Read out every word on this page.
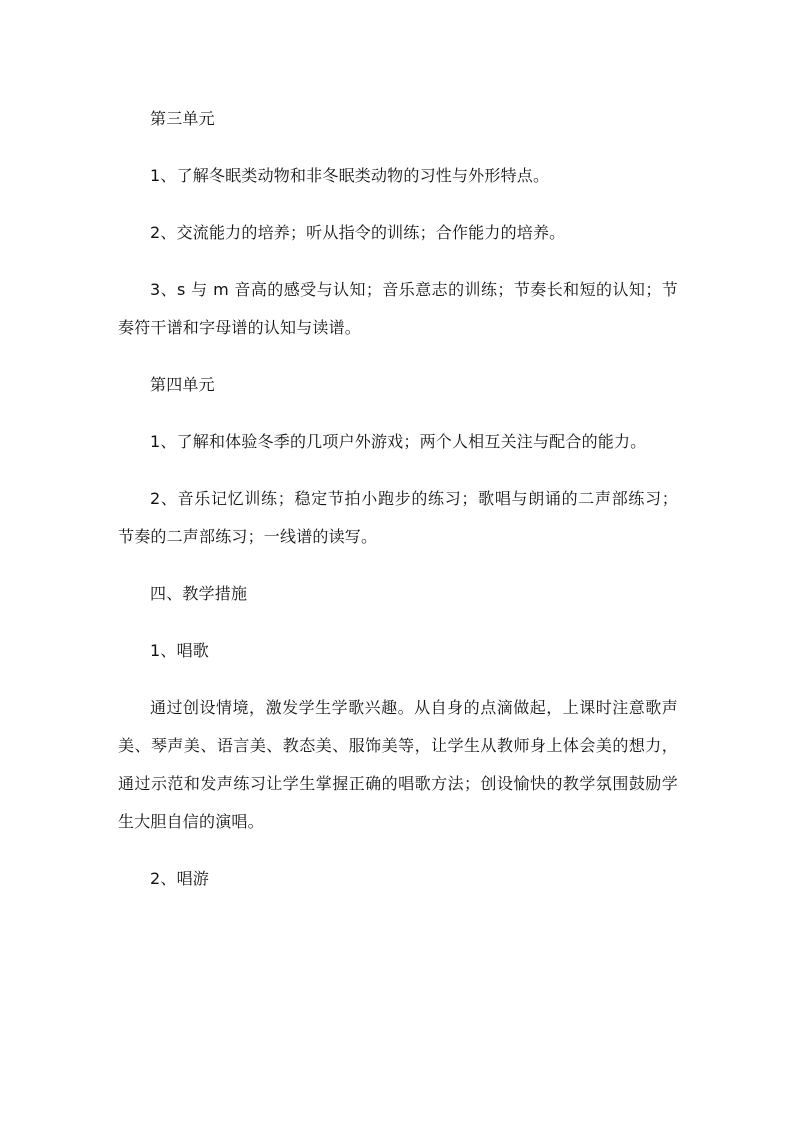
第三单元

1、了解冬眠类动物和非冬眠类动物的习性与外形特点。

2、交流能力的培养；听从指令的训练；合作能力的培养。

3、s 与 m 音高的感受与认知；音乐意志的训练；节奏长和短的认知；节奏符干谱和字母谱的认知与读谱。

第四单元

1、了解和体验冬季的几项户外游戏；两个人相互关注与配合的能力。

2、音乐记忆训练；稳定节拍小跑步的练习；歌唱与朗诵的二声部练习；节奏的二声部练习；一线谱的读写。

四、教学措施

1、唱歌

通过创设情境，激发学生学歌兴趣。从自身的点滴做起，上课时注意歌声美、琴声美、语言美、教态美、服饰美等，让学生从教师身上体会美的想力，通过示范和发声练习让学生掌握正确的唱歌方法；创设愉快的教学氛围鼓励学生大胆自信的演唱。

2、唱游
